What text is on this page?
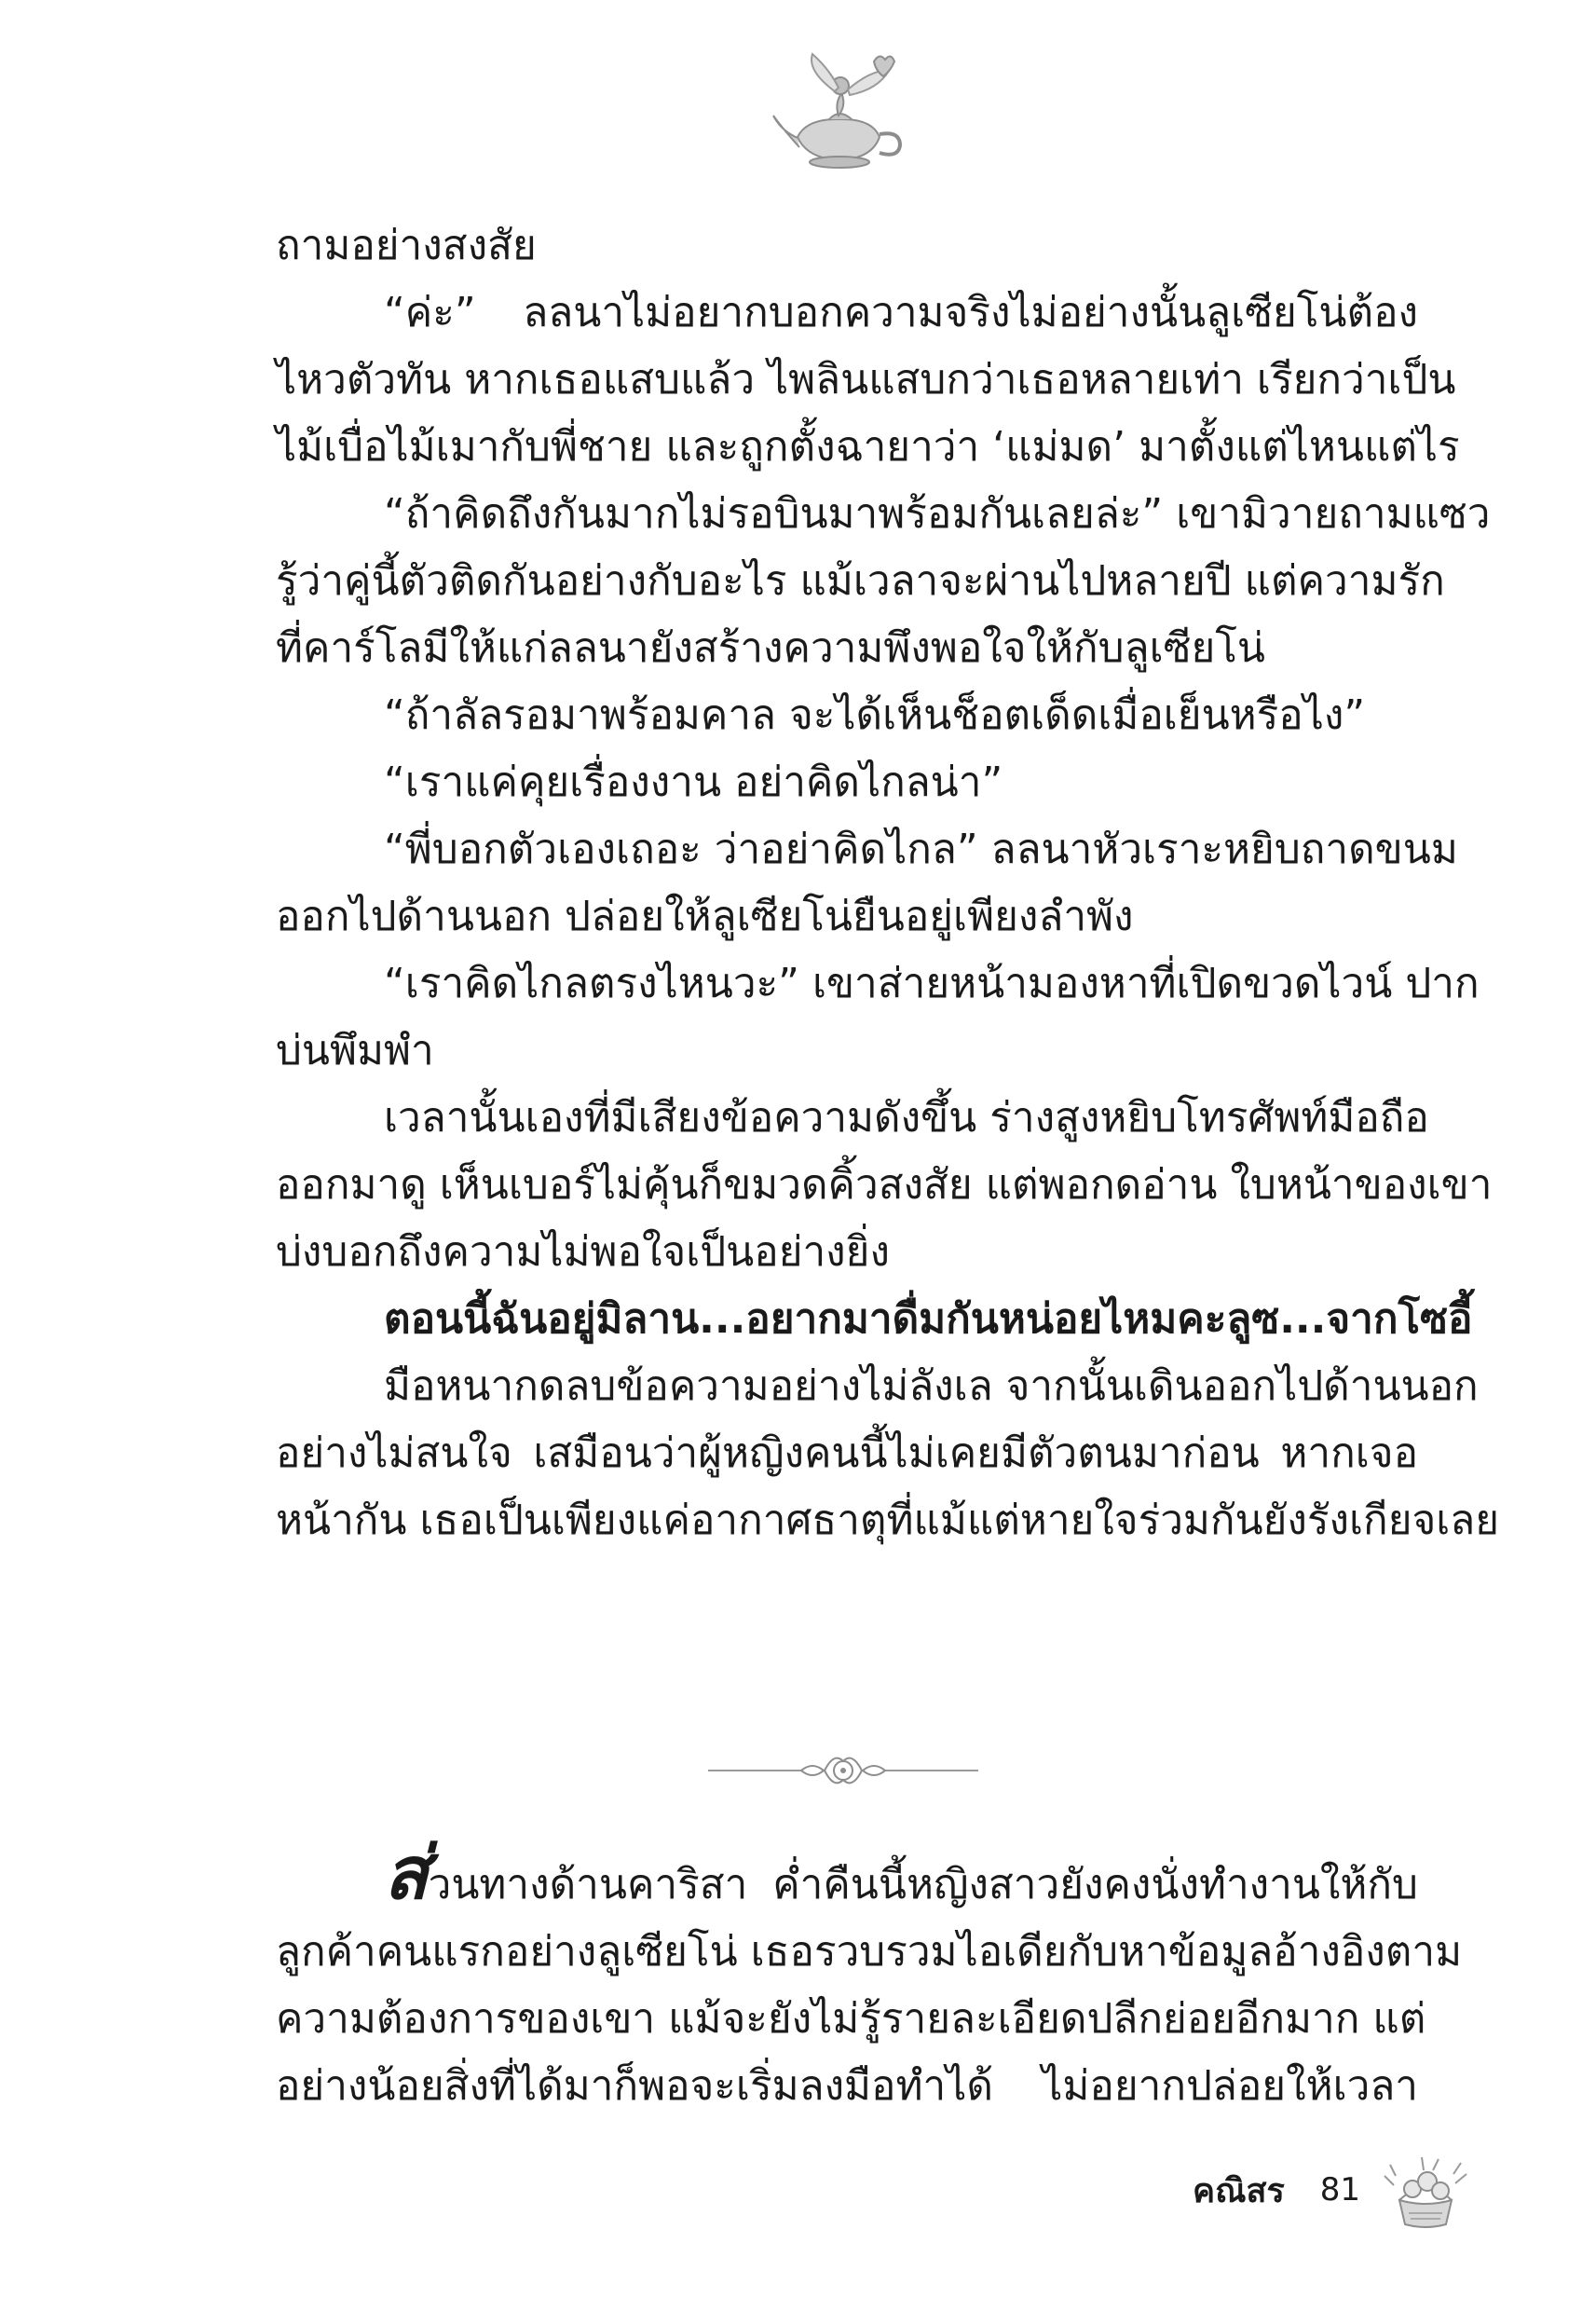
ถามอย่างสงสัย
“ค่ะ” ลลนาไม่อยากบอกความจริงไม่อย่างนั้นลูเซียโน่ต้อง
ไหวตัวทัน หากเธอแสบแล้ว ไพลินแสบกว่าเธอหลายเท่า เรียกว่าเป็น
ไม้เบื่อไม้เมากับพี่ชาย และถูกตั้งฉายาว่า ‘แม่มด’ มาตั้งแต่ไหนแต่ไร
“ถ้าคิดถึงกันมากไม่รอบินมาพร้อมกันเลยล่ะ” เขามิวายถามแซว
รู้ว่าคู่นี้ตัวติดกันอย่างกับอะไร แม้เวลาจะผ่านไปหลายปี แต่ความรัก
ที่คาร์โลมีให้แก่ลลนายังสร้างความพึงพอใจให้กับลูเซียโน่
“ถ้าลัลรอมาพร้อมคาล จะได้เห็นช็อตเด็ดเมื่อเย็นหรือไง”
“เราแค่คุยเรื่องงาน อย่าคิดไกลน่า”
“พี่บอกตัวเองเถอะ ว่าอย่าคิดไกล” ลลนาหัวเราะหยิบถาดขนม
ออกไปด้านนอก ปล่อยให้ลูเซียโน่ยืนอยู่เพียงลำพัง
“เราคิดไกลตรงไหนวะ” เขาส่ายหน้ามองหาที่เปิดขวดไวน์ ปาก
บ่นพึมพำ
เวลานั้นเองที่มีเสียงข้อความดังขึ้น ร่างสูงหยิบโทรศัพท์มือถือ
ออกมาดู เห็นเบอร์ไม่คุ้นก็ขมวดคิ้วสงสัย แต่พอกดอ่าน ใบหน้าของเขา
บ่งบอกถึงความไม่พอใจเป็นอย่างยิ่ง
ตอนนี้ฉันอยู่มิลาน...อยากมาดื่มกันหน่อยไหมคะลูซ...จากโซอี้
มือหนากดลบข้อความอย่างไม่ลังเล จากนั้นเดินออกไปด้านนอก
อย่างไม่สนใจ เสมือนว่าผู้หญิงคนนี้ไม่เคยมีตัวตนมาก่อน หากเจอ
หน้ากัน เธอเป็นเพียงแค่อากาศธาตุที่แม้แต่หายใจร่วมกันยังรังเกียจเลย
ส่วนทางด้านคาริสา ค่ำคืนนี้หญิงสาวยังคงนั่งทำงานให้กับ
ลูกค้าคนแรกอย่างลูเซียโน่ เธอรวบรวมไอเดียกับหาข้อมูลอ้างอิงตาม
ความต้องการของเขา แม้จะยังไม่รู้รายละเอียดปลีกย่อยอีกมาก แต่
อย่างน้อยสิ่งที่ได้มาก็พอจะเริ่มลงมือทำได้ ไม่อยากปล่อยให้เวลา
คณิสร 81
